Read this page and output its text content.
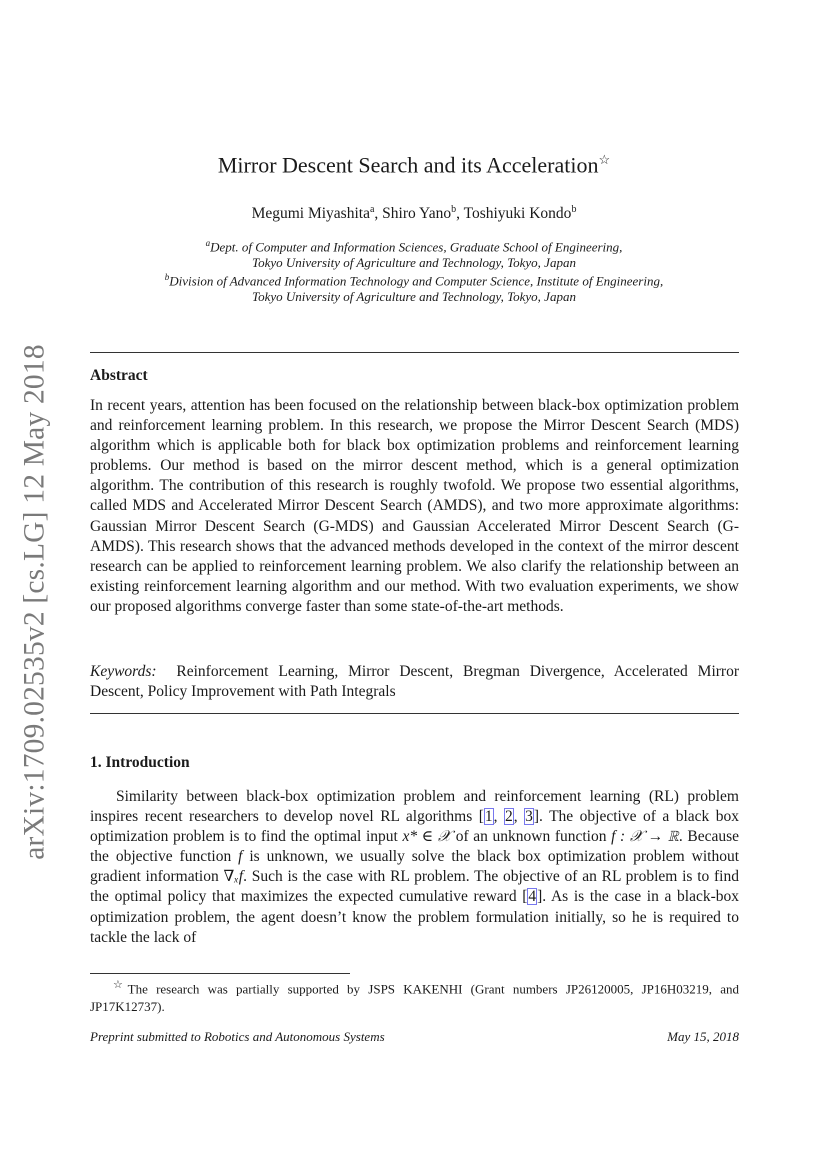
arXiv:1709.02535v2 [cs.LG] 12 May 2018
Mirror Descent Search and its Acceleration☆
Megumi Miyashita$^a$, Shiro Yano$^b$, Toshiyuki Kondo$^b$
$^a$Dept. of Computer and Information Sciences, Graduate School of Engineering,
Tokyo University of Agriculture and Technology, Tokyo, Japan
$^b$Division of Advanced Information Technology and Computer Science, Institute of Engineering,
Tokyo University of Agriculture and Technology, Tokyo, Japan
Abstract
In recent years, attention has been focused on the relationship between black-box optimization problem and reinforcement learning problem. In this research, we propose the Mirror Descent Search (MDS) algorithm which is applicable both for black box optimization problems and reinforcement learning problems. Our method is based on the mirror descent method, which is a general optimization algorithm. The contribution of this research is roughly twofold. We propose two essential algorithms, called MDS and Accelerated Mirror Descent Search (AMDS), and two more approximate algorithms: Gaussian Mirror Descent Search (G-MDS) and Gaussian Accelerated Mirror Descent Search (G-AMDS). This research shows that the advanced methods developed in the context of the mirror descent research can be applied to reinforcement learning problem. We also clarify the relationship between an existing reinforcement learning algorithm and our method. With two evaluation experiments, we show our proposed algorithms converge faster than some state-of-the-art methods.
Keywords: Reinforcement Learning, Mirror Descent, Bregman Divergence, Accelerated Mirror Descent, Policy Improvement with Path Integrals
1. Introduction
Similarity between black-box optimization problem and reinforcement learning (RL) problem inspires recent researchers to develop novel RL algorithms [1, 2, 3]. The objective of a black box optimization problem is to find the optimal input x* ∈ 𝒳 of an unknown function f : 𝒳 → ℝ. Because the objective function f is unknown, we usually solve the black box optimization problem without gradient information ∇ₓf. Such is the case with RL problem. The objective of an RL problem is to find the optimal policy that maximizes the expected cumulative reward [4]. As is the case in a black-box optimization problem, the agent doesn’t know the problem formulation initially, so he is required to tackle the lack of
☆The research was partially supported by JSPS KAKENHI (Grant numbers JP26120005, JP16H03219, and JP17K12737).
Preprint submitted to Robotics and Autonomous Systems	May 15, 2018
